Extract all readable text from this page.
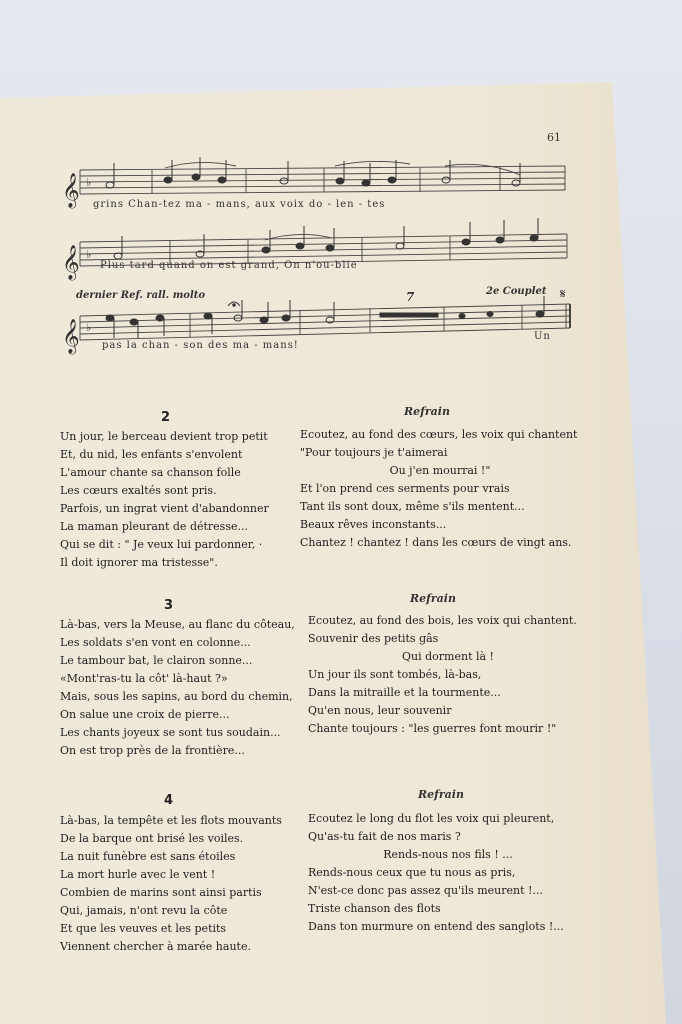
61
𝄞
𝄞
𝄞
♭
♭
♭
𝄋
grins Chan-tez ma - mans, aux voix do - len - tes
Plus tard quand on est grand, On n'ou-blie
dernier Ref. rall. molto	7	2e Couplet
pas la chan - son des ma - mans!
Un
2	Refrain
Un jour, le berceau devient trop petit
Et, du nid, les enfants s'envolent
L'amour chante sa chanson folle
Les cœurs exaltés sont pris.
Parfois, un ingrat vient d'abandonner
La maman pleurant de détresse...
Qui se dit : " Je veux lui pardonner, ·
Il doit ignorer ma tristesse".
Ecoutez, au fond des cœurs, les voix qui chantent
"Pour toujours je t'aimerai
Ou j'en mourrai !"
Et l'on prend ces serments pour vrais
Tant ils sont doux, même s'ils mentent...
Beaux rêves inconstants...
Chantez ! chantez ! dans les cœurs de vingt ans.
3	Refrain
Là-bas, vers la Meuse, au flanc du côteau,
Les soldats s'en vont en colonne...
Le tambour bat, le clairon sonne...
«Mont'ras-tu la côt' là-haut ?»
Mais, sous les sapins, au bord du chemin,
On salue une croix de pierre...
Les chants joyeux se sont tus soudain...
On est trop près de la frontière...
Ecoutez, au fond des bois, les voix qui chantent.
Souvenir des petits gâs
Qui dorment là !
Un jour ils sont tombés, là-bas,
Dans la mitraille et la tourmente...
Qu'en nous, leur souvenir
Chante toujours : "les guerres font mourir !"
4	Refrain
Là-bas, la tempête et les flots mouvants
De la barque ont brisé les voiles.
La nuit funèbre est sans étoiles
La mort hurle avec le vent !
Combien de marins sont ainsi partis
Qui, jamais, n'ont revu la côte
Et que les veuves et les petits
Viennent chercher à marée haute.
Ecoutez le long du flot les voix qui pleurent,
Qu'as-tu fait de nos maris ?
Rends-nous nos fils ! ...
Rends-nous ceux que tu nous as pris,
N'est-ce donc pas assez qu'ils meurent !...
Triste chanson des flots
Dans ton murmure on entend des sanglots !...
